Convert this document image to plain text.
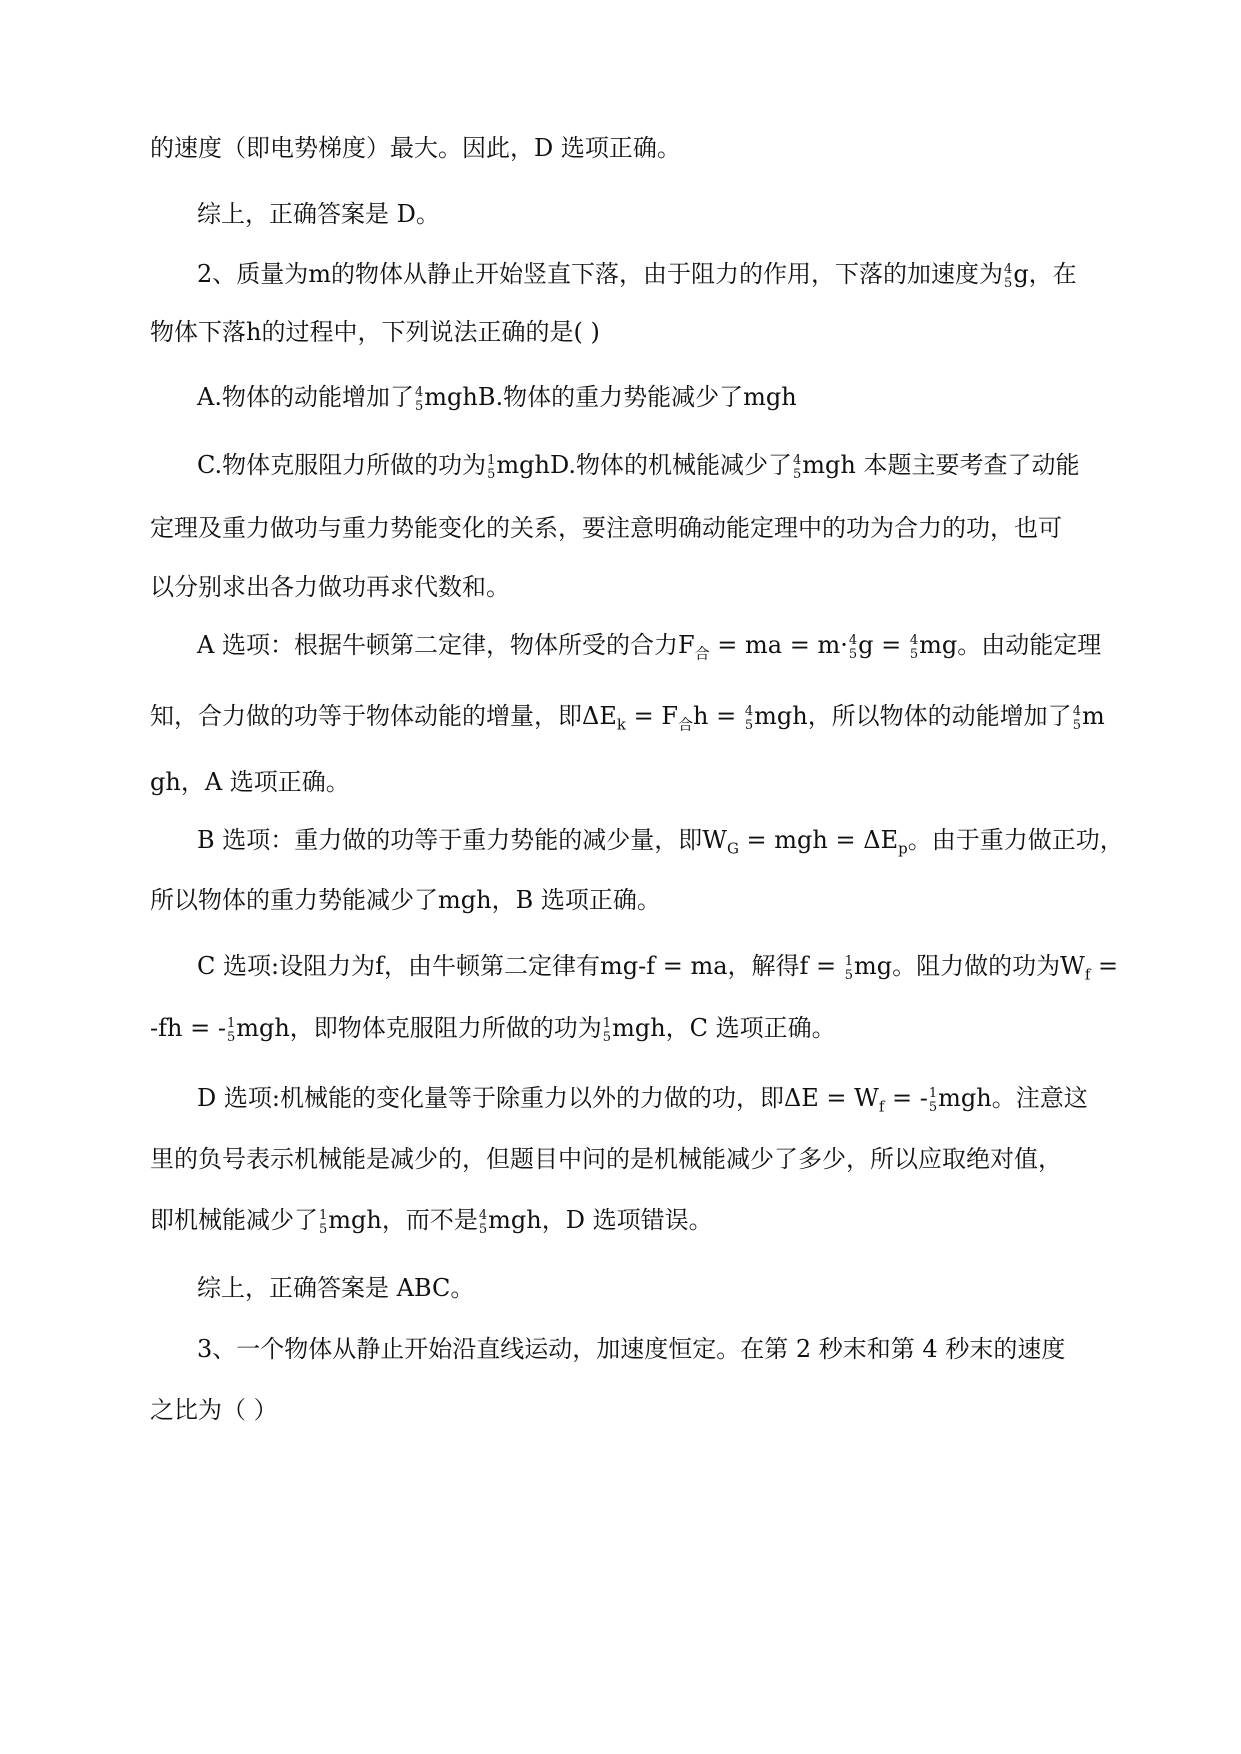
的速度（即电势梯度）最大。因此，D 选项正确。
综上，正确答案是 D。
2、质量为m的物体从静止开始竖直下落，由于阻力的作用，下落的加速度为 4
5 g，在
物体下落h的过程中，下列说法正确的是( )
A.物体的动能增加了 4
5 mghB.物体的重力势能减少了mgh
C.物体克服阻力所做的功为 1
5 mghD.物体的机械能减少了 4
5 mgh 本题主要考查了动能
定理及重力做功与重力势能变化的关系，要注意明确动能定理中的功为合力的功，也可
以分别求出各力做功再求代数和。
A 选项：根据牛顿第二定律，物体所受的合力$F_合$ = ma = m· 4
5 g = 4
5 mg。由动能定理
知，合力做的功等于物体动能的增量，即$\Delta E_k = F_合h = 4$
5 mgh，所以物体的动能增加了 4
5 m
gh，A 选项正确。
B 选项：重力做的功等于重力势能的减少量，即$W_G$ = mgh = $\Delta E_p$。由于重力做正功，
所以物体的重力势能减少了mgh，B 选项正确。
C 选项:设阻力为f，由牛顿第二定律有mg-f = ma，解得f = 1
5 mg。阻力做的功为$W_f$ =
-fh = - 1
5 mgh，即物体克服阻力所做的功为 1
5 mgh，C 选项正确。
D 选项:机械能的变化量等于除重力以外的力做的功，即$\Delta E = W_f$ = - 1
5 mgh。注意这
里的负号表示机械能是减少的，但题目中问的是机械能减少了多少，所以应取绝对值，
即机械能减少了 1
5 mgh，而不是 4
5 mgh，D 选项错误。
综上，正确答案是 ABC。
3、一个物体从静止开始沿直线运动，加速度恒定。在第 2 秒末和第 4 秒末的速度
之比为（ ）
